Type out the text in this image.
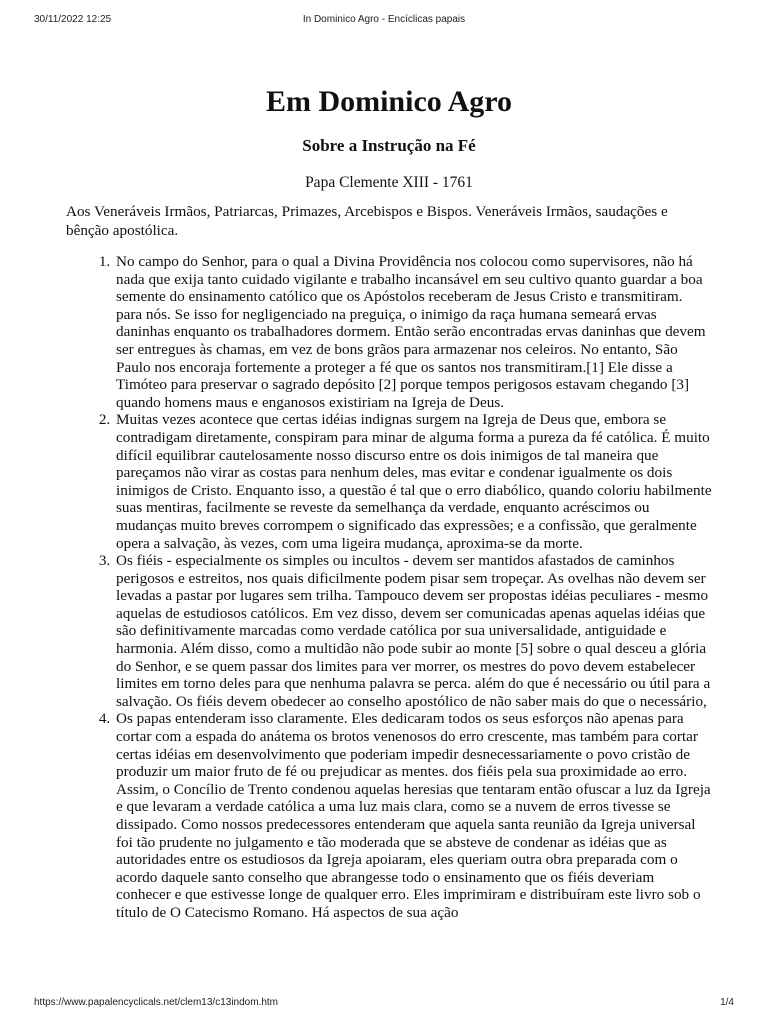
30/11/2022 12:25	In Dominico Agro - Encíclicas papais
Em Dominico Agro
Sobre a Instrução na Fé

Papa Clemente XIII - 1761

Aos Veneráveis Irmãos, Patriarcas, Primazes, Arcebispos e Bispos. Veneráveis Irmãos, saudações e bênção apostólica.

1. No campo do Senhor, para o qual a Divina Providência nos colocou como supervisores, não há nada que exija tanto cuidado vigilante e trabalho incansável em seu cultivo quanto guardar a boa semente do ensinamento católico que os Apóstolos receberam de Jesus Cristo e transmitiram. para nós. Se isso for negligenciado na preguiça, o inimigo da raça humana semeará ervas daninhas enquanto os trabalhadores dormem. Então serão encontradas ervas daninhas que devem ser entregues às chamas, em vez de bons grãos para armazenar nos celeiros. No entanto, São Paulo nos encoraja fortemente a proteger a fé que os santos nos transmitiram.[1] Ele disse a Timóteo para preservar o sagrado depósito [2] porque tempos perigosos estavam chegando [3] quando homens maus e enganosos existiriam na Igreja de Deus.
2. Muitas vezes acontece que certas idéias indignas surgem na Igreja de Deus que, embora se contradigam diretamente, conspiram para minar de alguma forma a pureza da fé católica. É muito difícil equilibrar cautelosamente nosso discurso entre os dois inimigos de tal maneira que pareçamos não virar as costas para nenhum deles, mas evitar e condenar igualmente os dois inimigos de Cristo. Enquanto isso, a questão é tal que o erro diabólico, quando coloriu habilmente suas mentiras, facilmente se reveste da semelhança da verdade, enquanto acréscimos ou mudanças muito breves corrompem o significado das expressões; e a confissão, que geralmente opera a salvação, às vezes, com uma ligeira mudança, aproxima-se da morte.
3. Os fiéis - especialmente os simples ou incultos - devem ser mantidos afastados de caminhos perigosos e estreitos, nos quais dificilmente podem pisar sem tropeçar. As ovelhas não devem ser levadas a pastar por lugares sem trilha. Tampouco devem ser propostas idéias peculiares - mesmo aquelas de estudiosos católicos. Em vez disso, devem ser comunicadas apenas aquelas idéias que são definitivamente marcadas como verdade católica por sua universalidade, antiguidade e harmonia. Além disso, como a multidão não pode subir ao monte [5] sobre o qual desceu a glória do Senhor, e se quem passar dos limites para ver morrer, os mestres do povo devem estabelecer limites em torno deles para que nenhuma palavra se perca. além do que é necessário ou útil para a salvação. Os fiéis devem obedecer ao conselho apostólico de não saber mais do que o necessário,
4. Os papas entenderam isso claramente. Eles dedicaram todos os seus esforços não apenas para cortar com a espada do anátema os brotos venenosos do erro crescente, mas também para cortar certas idéias em desenvolvimento que poderiam impedir desnecessariamente o povo cristão de produzir um maior fruto de fé ou prejudicar as mentes. dos fiéis pela sua proximidade ao erro. Assim, o Concílio de Trento condenou aquelas heresias que tentaram então ofuscar a luz da Igreja e que levaram a verdade católica a uma luz mais clara, como se a nuvem de erros tivesse se dissipado. Como nossos predecessores entenderam que aquela santa reunião da Igreja universal foi tão prudente no julgamento e tão moderada que se absteve de condenar as idéias que as autoridades entre os estudiosos da Igreja apoiaram, eles queriam outra obra preparada com o acordo daquele santo conselho que abrangesse todo o ensinamento que os fiéis deveriam conhecer e que estivesse longe de qualquer erro. Eles imprimiram e distribuíram este livro sob o título de O Catecismo Romano. Há aspectos de sua ação
https://www.papalencyclicals.net/clem13/c13indom.htm	1/4
